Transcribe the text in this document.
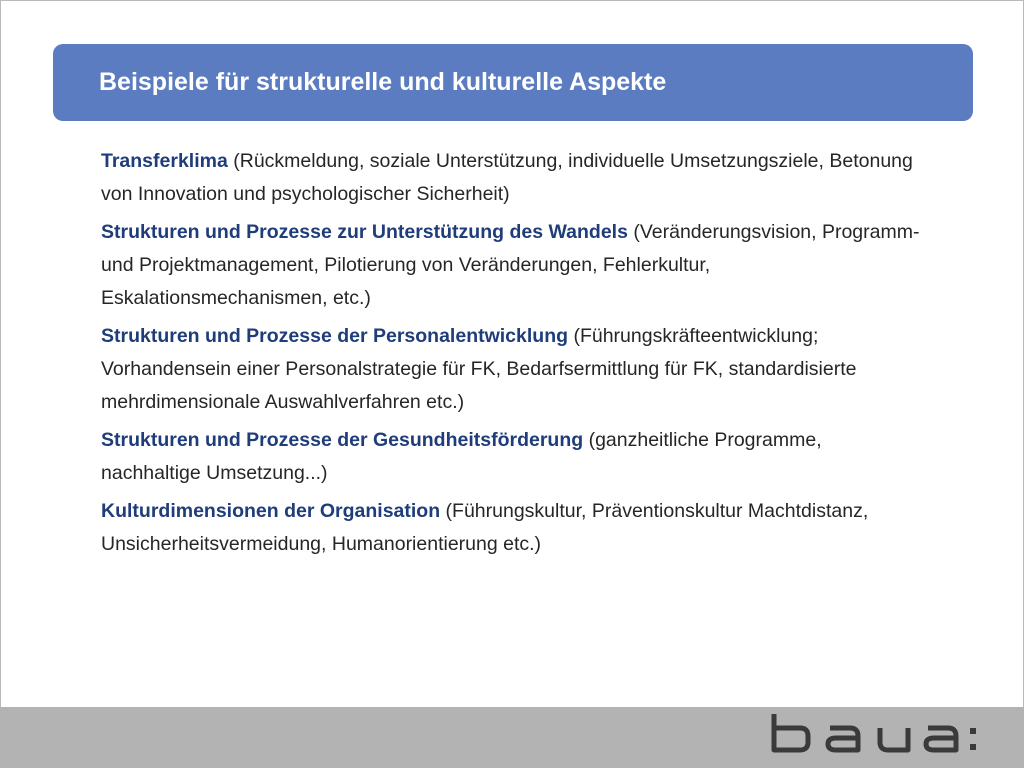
Beispiele für strukturelle und kulturelle Aspekte

Transferklima (Rückmeldung, soziale Unterstützung, individuelle Umsetzungsziele, Betonung von Innovation und psychologischer Sicherheit)

Strukturen und Prozesse zur Unterstützung des Wandels (Veränderungsvision, Programm- und Projektmanagement, Pilotierung von Veränderungen, Fehlerkultur, Eskalationsmechanismen, etc.)

Strukturen und Prozesse der Personalentwicklung (Führungskräfteentwicklung; Vorhandensein einer Personalstrategie für FK, Bedarfsermittlung für FK, standardisierte mehrdimensionale Auswahlverfahren etc.)

Strukturen und Prozesse der Gesundheitsförderung (ganzheitliche Programme, nachhaltige Umsetzung...)

Kulturdimensionen der Organisation (Führungskultur, Präventionskultur Machtdistanz, Unsicherheitsvermeidung, Humanorientierung etc.)
